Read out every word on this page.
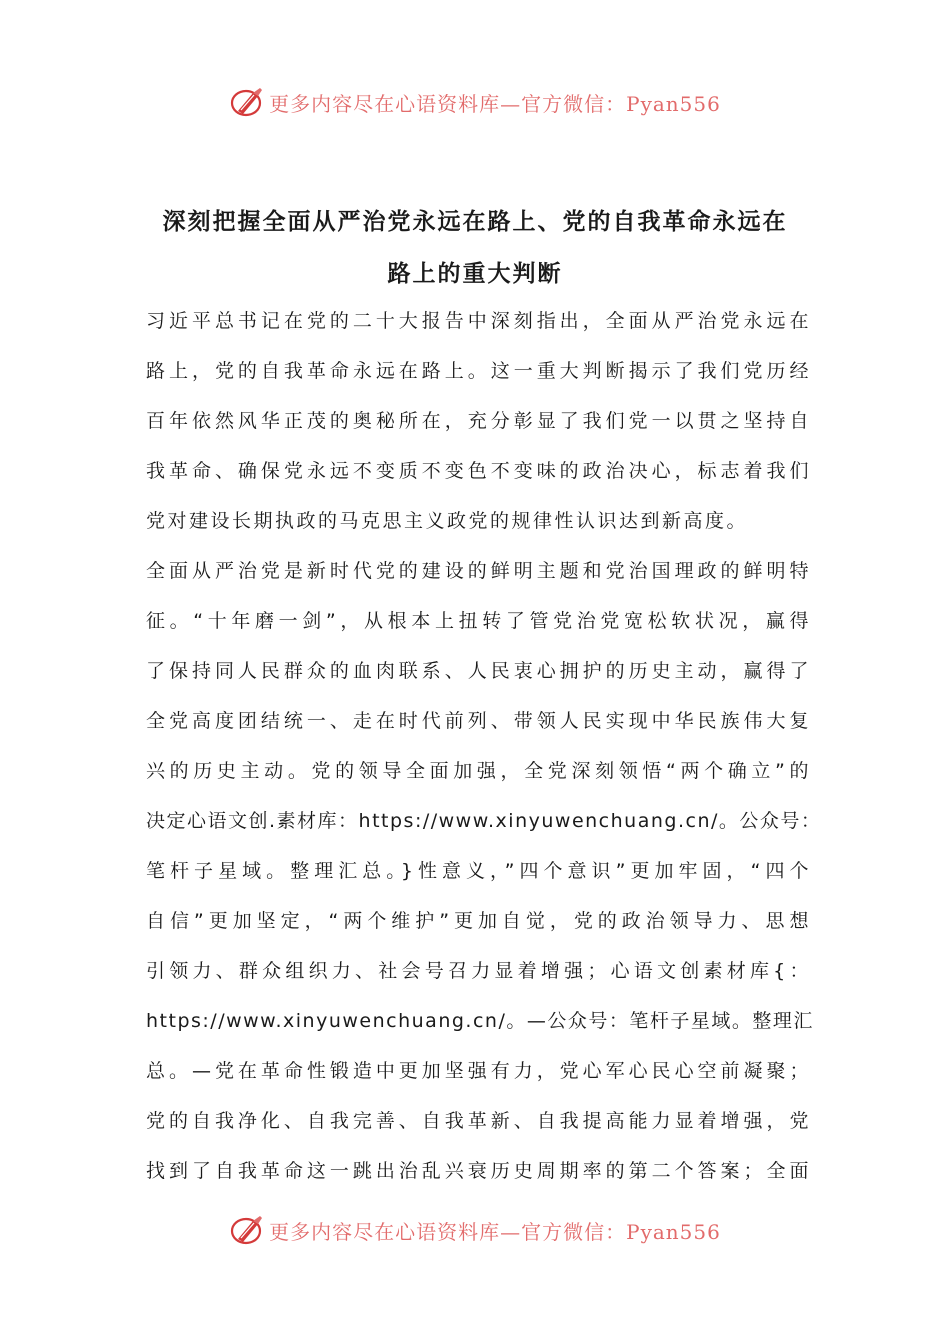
更多内容尽在心语资料库—官方微信：Pyan556
深刻把握全面从严治党永远在路上、党的自我革命永远在
路上的重大判断
习近平总书记在党的二十大报告中深刻指出，全面从严治党永远在
路上，党的自我革命永远在路上。这一重大判断揭示了我们党历经
百年依然风华正茂的奥秘所在，充分彰显了我们党一以贯之坚持自
我革命、确保党永远不变质不变色不变味的政治决心，标志着我们
党对建设长期执政的马克思主义政党的规律性认识达到新高度。
全面从严治党是新时代党的建设的鲜明主题和党治国理政的鲜明特
征。“十年磨一剑”，从根本上扭转了管党治党宽松软状况，赢得
了保持同人民群众的血肉联系、人民衷心拥护的历史主动，赢得了
全党高度团结统一、走在时代前列、带领人民实现中华民族伟大复
兴的历史主动。党的领导全面加强，全党深刻领悟“两个确立”的
决定心语文创.素材库：https://www.xinyuwenchuang.cn/。公众号：
笔杆子星域。整理汇总。}性意义，”四个意识”更加牢固，“四个
自信”更加坚定，“两个维护”更加自觉，党的政治领导力、思想
引领力、群众组织力、社会号召力显着增强；心语文创素材库{：
https://www.xinyuwenchuang.cn/。—公众号：笔杆子星域。整理汇
总。—党在革命性锻造中更加坚强有力，党心军心民心空前凝聚；
党的自我净化、自我完善、自我革新、自我提高能力显着增强，党
找到了自我革命这一跳出治乱兴衰历史周期率的第二个答案；全面
更多内容尽在心语资料库—官方微信：Pyan556
